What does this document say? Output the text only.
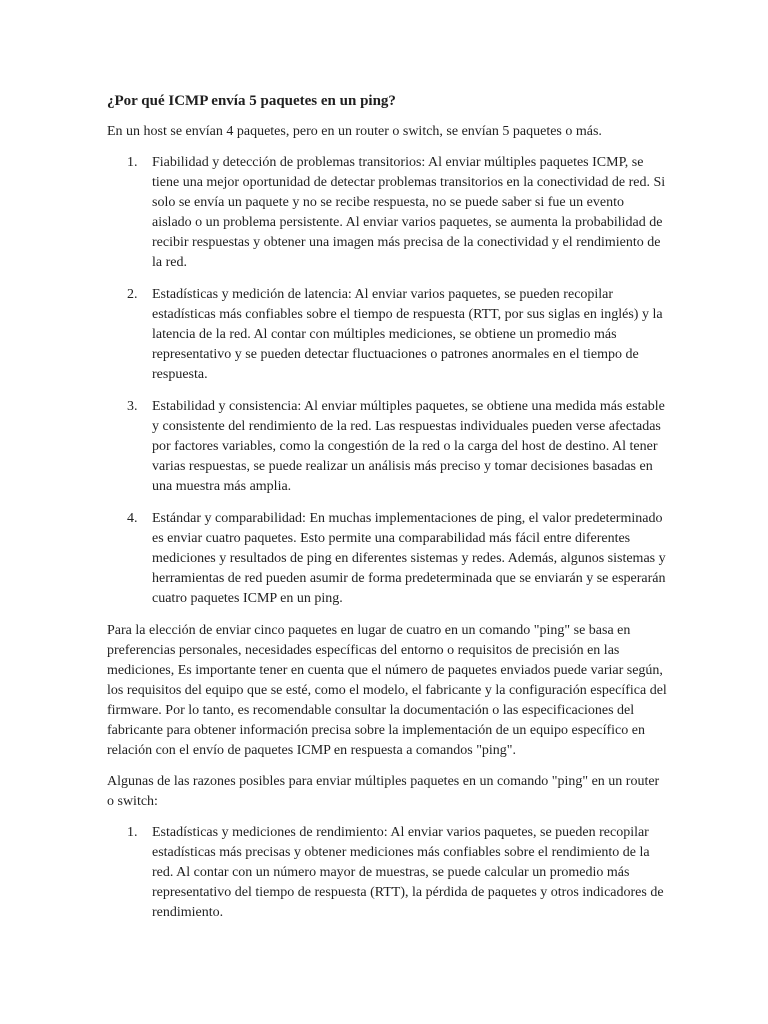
¿Por qué ICMP envía 5 paquetes en un ping?

En un host se envían 4 paquetes, pero en un router o switch, se envían 5 paquetes o más.

1. Fiabilidad y detección de problemas transitorios: Al enviar múltiples paquetes ICMP, se tiene una mejor oportunidad de detectar problemas transitorios en la conectividad de red. Si solo se envía un paquete y no se recibe respuesta, no se puede saber si fue un evento aislado o un problema persistente. Al enviar varios paquetes, se aumenta la probabilidad de recibir respuestas y obtener una imagen más precisa de la conectividad y el rendimiento de la red.
2. Estadísticas y medición de latencia: Al enviar varios paquetes, se pueden recopilar estadísticas más confiables sobre el tiempo de respuesta (RTT, por sus siglas en inglés) y la latencia de la red. Al contar con múltiples mediciones, se obtiene un promedio más representativo y se pueden detectar fluctuaciones o patrones anormales en el tiempo de respuesta.
3. Estabilidad y consistencia: Al enviar múltiples paquetes, se obtiene una medida más estable y consistente del rendimiento de la red. Las respuestas individuales pueden verse afectadas por factores variables, como la congestión de la red o la carga del host de destino. Al tener varias respuestas, se puede realizar un análisis más preciso y tomar decisiones basadas en una muestra más amplia.
4. Estándar y comparabilidad: En muchas implementaciones de ping, el valor predeterminado es enviar cuatro paquetes. Esto permite una comparabilidad más fácil entre diferentes mediciones y resultados de ping en diferentes sistemas y redes. Además, algunos sistemas y herramientas de red pueden asumir de forma predeterminada que se enviarán y se esperarán cuatro paquetes ICMP en un ping.

Para la elección de enviar cinco paquetes en lugar de cuatro en un comando "ping" se basa en preferencias personales, necesidades específicas del entorno o requisitos de precisión en las mediciones, Es importante tener en cuenta que el número de paquetes enviados puede variar según, los requisitos del equipo que se esté, como el modelo, el fabricante y la configuración específica del firmware. Por lo tanto, es recomendable consultar la documentación o las especificaciones del fabricante para obtener información precisa sobre la implementación de un equipo específico en relación con el envío de paquetes ICMP en respuesta a comandos "ping".

Algunas de las razones posibles para enviar múltiples paquetes en un comando "ping" en un router o switch:

1. Estadísticas y mediciones de rendimiento: Al enviar varios paquetes, se pueden recopilar estadísticas más precisas y obtener mediciones más confiables sobre el rendimiento de la red. Al contar con un número mayor de muestras, se puede calcular un promedio más representativo del tiempo de respuesta (RTT), la pérdida de paquetes y otros indicadores de rendimiento.
